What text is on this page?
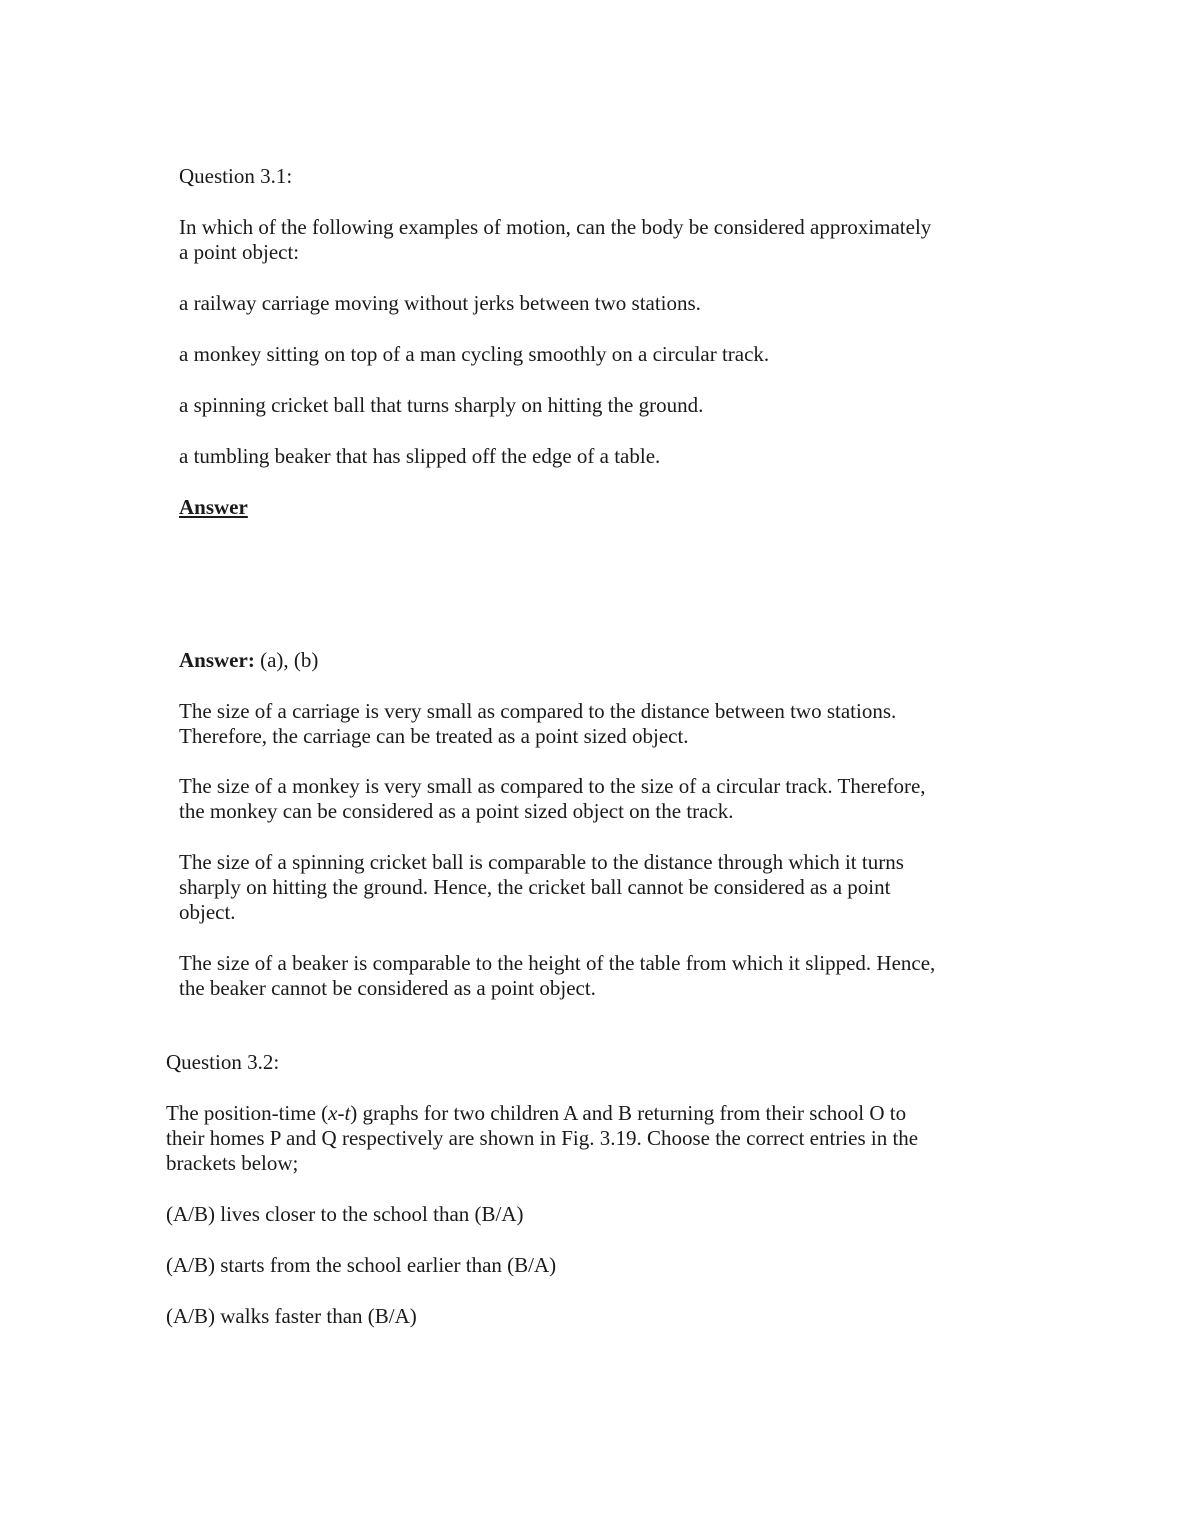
Question 3.1:

In which of the following examples of motion, can the body be considered approximately
a point object:

a railway carriage moving without jerks between two stations.

a monkey sitting on top of a man cycling smoothly on a circular track.

a spinning cricket ball that turns sharply on hitting the ground.

a tumbling beaker that has slipped off the edge of a table.

Answer

Answer: (a), (b)

The size of a carriage is very small as compared to the distance between two stations.
Therefore, the carriage can be treated as a point sized object.
The size of a monkey is very small as compared to the size of a circular track. Therefore,
the monkey can be considered as a point sized object on the track.
The size of a spinning cricket ball is comparable to the distance through which it turns
sharply on hitting the ground. Hence, the cricket ball cannot be considered as a point
object.
The size of a beaker is comparable to the height of the table from which it slipped. Hence,
the beaker cannot be considered as a point object.

Question 3.2:

The position-time (x-t) graphs for two children A and B returning from their school O to
their homes P and Q respectively are shown in Fig. 3.19. Choose the correct entries in the
brackets below;

(A/B) lives closer to the school than (B/A)

(A/B) starts from the school earlier than (B/A)

(A/B) walks faster than (B/A)
